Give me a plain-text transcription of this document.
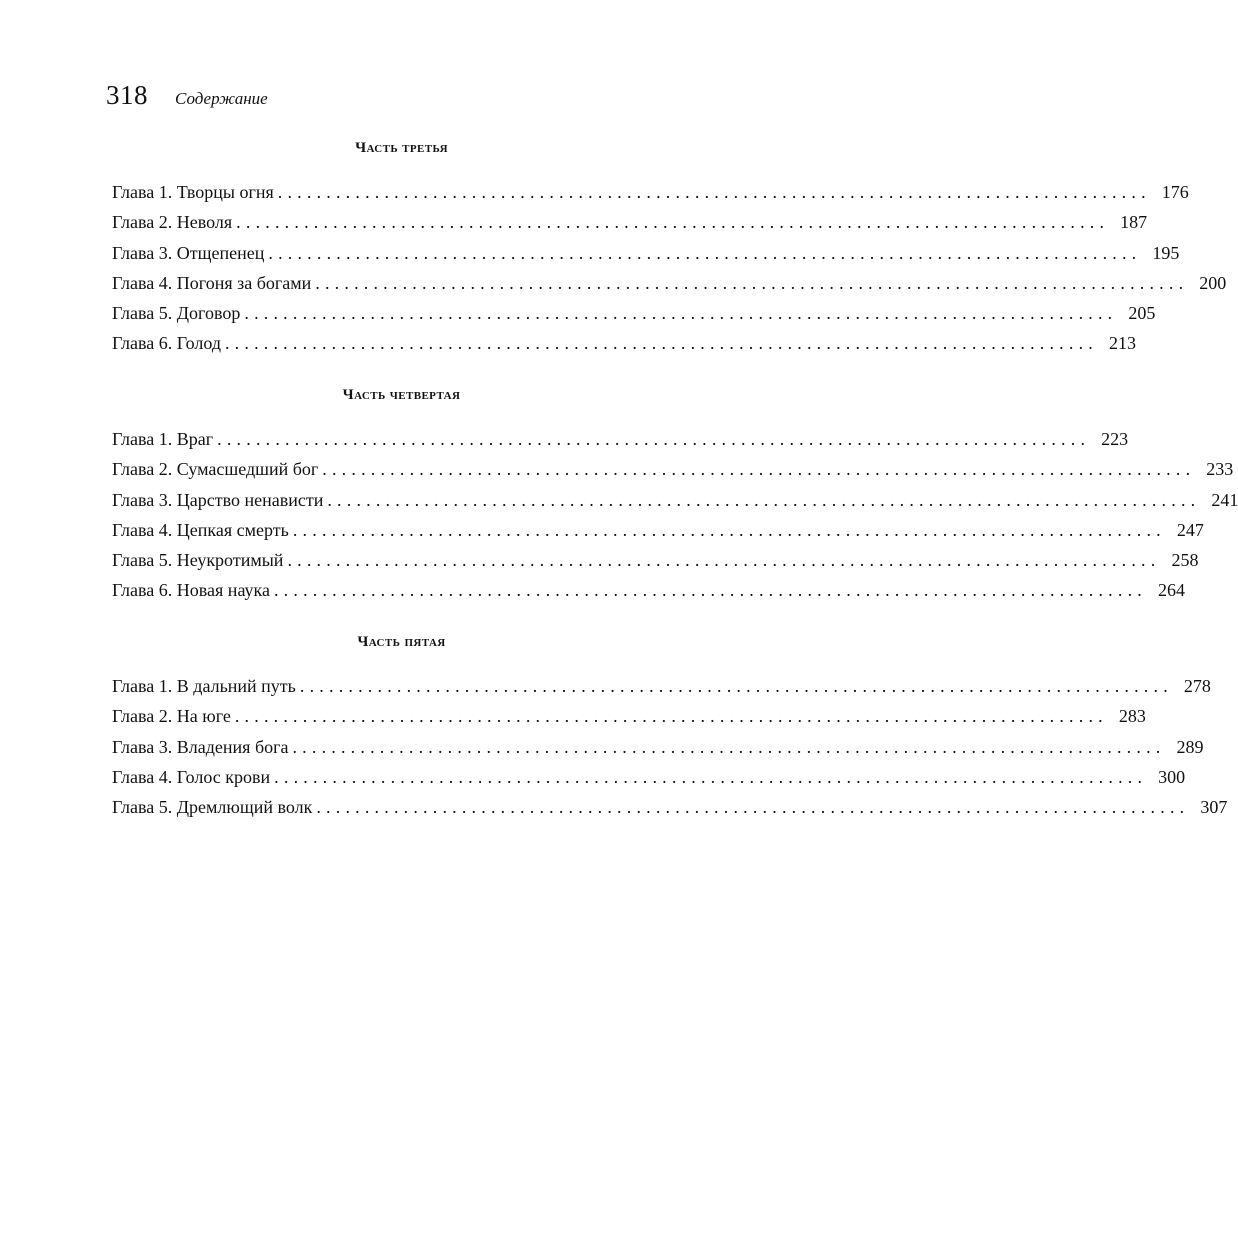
318 Содержание
Часть третья
Глава 1. Творцы огня .......................................................................................... 176
Глава 2. Неволя .......................................................................................... 187
Глава 3. Отщепенец .......................................................................................... 195
Глава 4. Погоня за богами .......................................................................................... 200
Глава 5. Договор .......................................................................................... 205
Глава 6. Голод .......................................................................................... 213
Часть четвертая
Глава 1. Враг .......................................................................................... 223
Глава 2. Сумасшедший бог .......................................................................................... 233
Глава 3. Царство ненависти .......................................................................................... 241
Глава 4. Цепкая смерть .......................................................................................... 247
Глава 5. Неукротимый .......................................................................................... 258
Глава 6. Новая наука .......................................................................................... 264
Часть пятая
Глава 1. В дальний путь .......................................................................................... 278
Глава 2. На юге .......................................................................................... 283
Глава 3. Владения бога .......................................................................................... 289
Глава 4. Голос крови .......................................................................................... 300
Глава 5. Дремлющий волк .......................................................................................... 307
